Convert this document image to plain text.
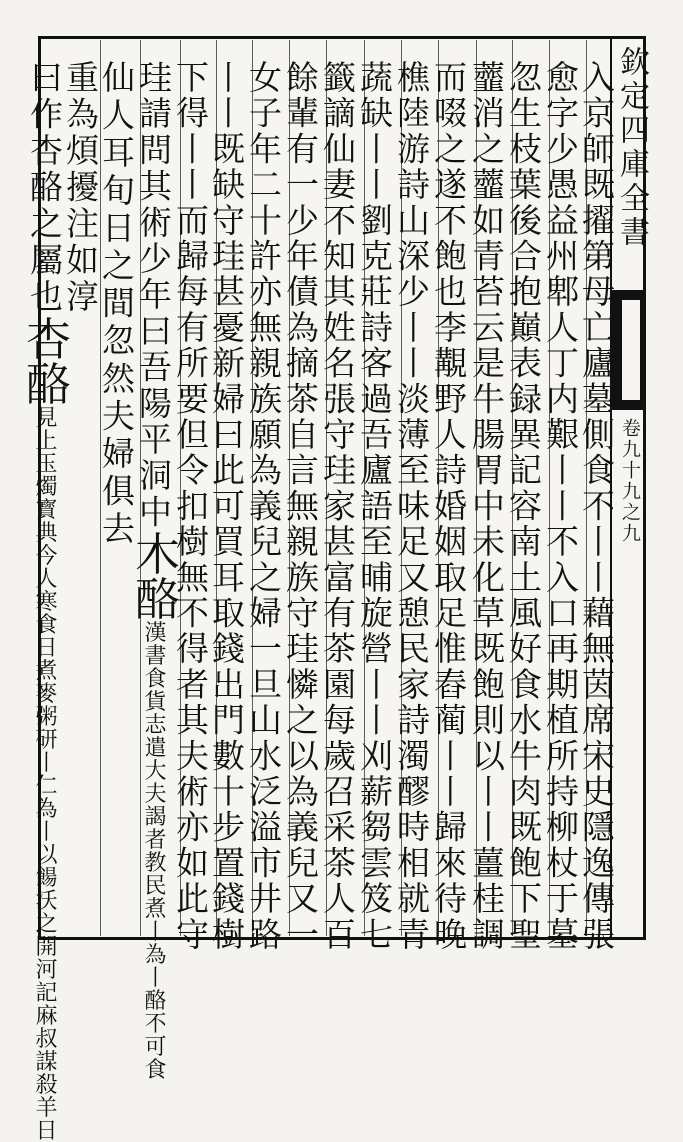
欽定四庫全書
卷九十九之九
入京師既擢第母亡廬墓側食不丨丨藉無茵席宋史隱逸傳張
愈字少愚益州郫人丁内艱丨丨不入口再期植所持柳杖于墓
忽生枝葉後合抱巔表録異記容南土風好食水牛肉既飽下聖
虀消之虀如青苔云是牛腸胃中未化草既飽則以丨丨薑桂調
而啜之遂不飽也李覯野人詩婚姻取足惟舂蔺丨丨歸來待晚
樵陸游詩山深少丨丨淡薄至味足又憩民家詩濁醪時相就青
蔬缺丨丨劉克莊詩客過吾廬語至晡旋營丨丨刈薪芻雲笈七
籤謫仙妻不知其姓名張守珪家甚富有茶園每歲召采茶人百
餘輩有一少年債為摘茶自言無親族守珪憐之以為義兒又一
女子年二十許亦無親族願為義兒之婦一旦山水泛溢市井路
丨丨既缺守珪甚憂新婦曰此可買耳取錢出門數十步置錢樹
下得丨丨而歸每有所要但令扣樹無不得者其夫術亦如此守
珪請問其術少年曰吾陽平洞中木酪漢書食貨志遣大夫謁者教民煮丨為丨酪不可食
仙人耳旬日之間忽然夫婦俱去
重為煩擾注如淳
曰作杏酪之屬也杏酪見上玉燭寳典今人寒食日煮麥粥研丨仁為丨以餳沃之開河記麻叔謀殺羊日
